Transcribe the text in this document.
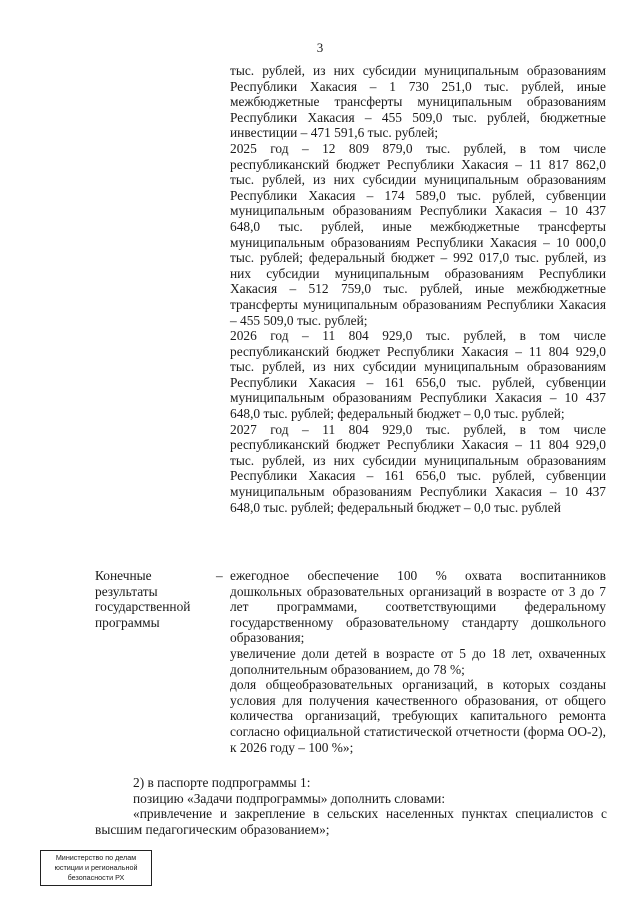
3

тыс. рублей, из них субсидии муниципальным образованиям Республики Хакасия – 1 730 251,0 тыс. рублей, иные межбюджетные трансферты муниципальным образованиям Республики Хакасия – 455 509,0 тыс. рублей, бюджетные инвестиции – 471 591,6 тыс. рублей;

2025 год – 12 809 879,0 тыс. рублей, в том числе республиканский бюджет Республики Хакасия – 11 817 862,0 тыс. рублей, из них субсидии муниципальным образованиям Республики Хакасия – 174 589,0 тыс. рублей, субвенции муниципальным образованиям Республики Хакасия – 10 437 648,0 тыс. рублей, иные межбюджетные трансферты муниципальным образованиям Республики Хакасия – 10 000,0 тыс. рублей; федеральный бюджет – 992 017,0 тыс. рублей, из них субсидии муниципальным образованиям Республики Хакасия – 512 759,0 тыс. рублей, иные межбюджетные трансферты муниципальным образованиям Республики Хакасия – 455 509,0 тыс. рублей;

2026 год – 11 804 929,0 тыс. рублей, в том числе республиканский бюджет Республики Хакасия – 11 804 929,0 тыс. рублей, из них субсидии муниципальным образованиям Республики Хакасия – 161 656,0 тыс. рублей, субвенции муниципальным образованиям Республики Хакасия – 10 437 648,0 тыс. рублей; федеральный бюджет – 0,0 тыс. рублей;

2027 год – 11 804 929,0 тыс. рублей, в том числе республиканский бюджет Республики Хакасия – 11 804 929,0 тыс. рублей, из них субсидии муниципальным образованиям Республики Хакасия – 161 656,0 тыс. рублей, субвенции муниципальным образованиям Республики Хакасия – 10 437 648,0 тыс. рублей; федеральный бюджет – 0,0 тыс. рублей

Конечные результаты государственной программы
– ежегодное обеспечение 100 % охвата воспитанников дошкольных образовательных организаций в возрасте от 3 до 7 лет программами, соответствующими федеральному государственному образовательному стандарту дошкольного образования;

увеличение доли детей в возрасте от 5 до 18 лет, охваченных дополнительным образованием, до 78 %;

доля общеобразовательных организаций, в которых созданы условия для получения качественного образования, от общего количества организаций, требующих капитального ремонта согласно официальной статистической отчетности (форма ОО-2), к 2026 году – 100 %»;

2) в паспорте подпрограммы 1:

позицию «Задачи подпрограммы» дополнить словами:

«привлечение и закрепление в сельских населенных пунктах специалистов с высшим педагогическим образованием»;

Министерство по делам
юстиции и региональной
безопасности РХ
